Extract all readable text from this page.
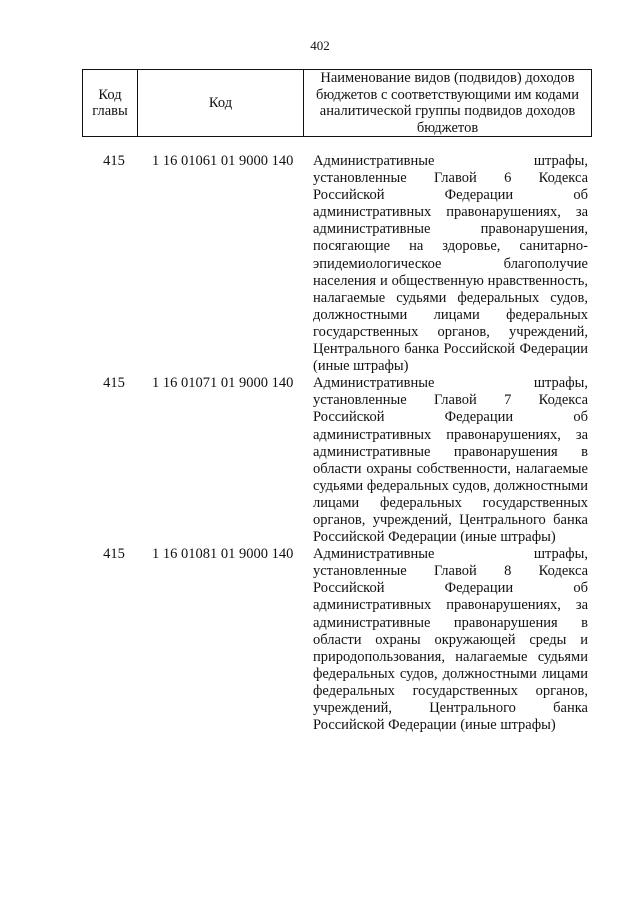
402
Код главы	Код	Наименование видов (подвидов) доходов бюджетов с соответствующими им кодами аналитической группы подвидов доходов бюджетов
415	1 16 01061 01 9000 140	Административные штрафы, установленные Главой 6 Кодекса Российской Федерации об административных правонарушениях, за административные правонарушения, посягающие на здоровье, санитарно-эпидемиологическое благополучие населения и общественную нравственность, налагаемые судьями федеральных судов, должностными лицами федеральных государственных органов, учреждений, Центрального банка Российской Федерации (иные штрафы)
415	1 16 01071 01 9000 140	Административные штрафы, установленные Главой 7 Кодекса Российской Федерации об административных правонарушениях, за административные правонарушения в области охраны собственности, налагаемые судьями федеральных судов, должностными лицами федеральных государственных органов, учреждений, Центрального банка Российской Федерации (иные штрафы)
415	1 16 01081 01 9000 140	Административные штрафы, установленные Главой 8 Кодекса Российской Федерации об административных правонарушениях, за административные правонарушения в области охраны окружающей среды и природопользования, налагаемые судьями федеральных судов, должностными лицами федеральных государственных органов, учреждений, Центрального банка Российской Федерации (иные штрафы)
